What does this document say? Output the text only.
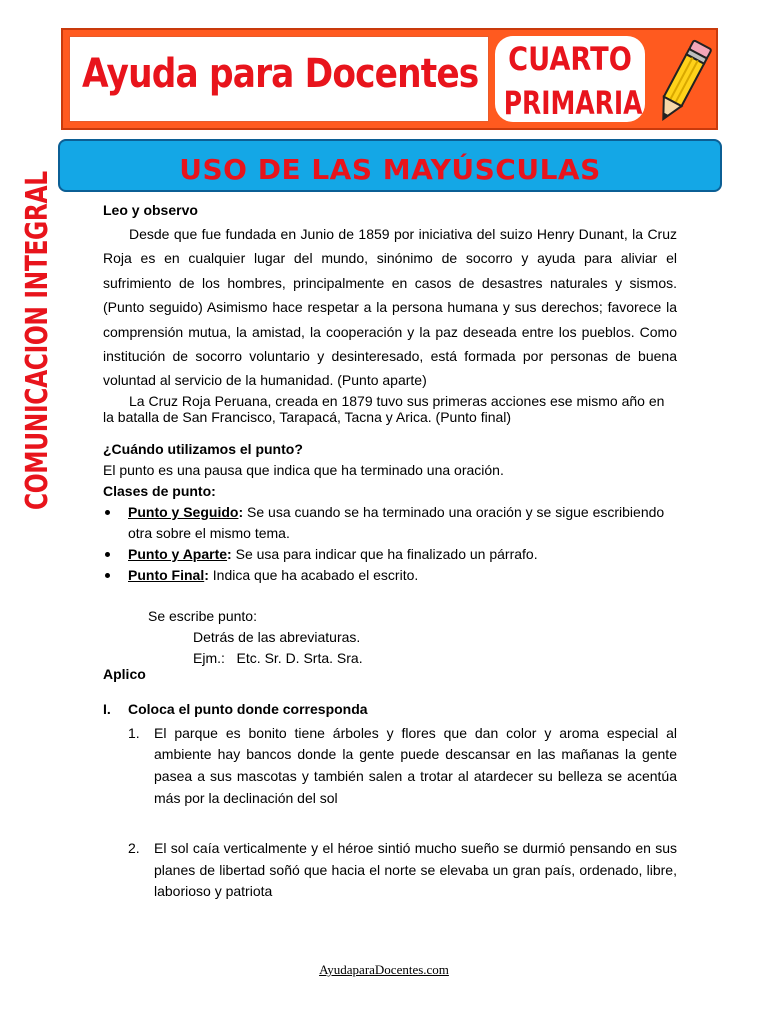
Ayuda para Docentes CUARTO
PRIMARIA
USO DE LAS MAYÚSCULAS
COMUNICACION INTEGRAL	Leo y observo

Desde que fue fundada en Junio de 1859 por iniciativa del suizo Henry Dunant, la Cruz Roja es en cualquier lugar del mundo, sinónimo de socorro y ayuda para aliviar el sufrimiento de los hombres, principalmente en casos de desastres naturales y sismos. (Punto seguido) Asimismo hace respetar a la persona humana y sus derechos; favorece la comprensión mutua, la amistad, la cooperación y la paz deseada entre los pueblos. Como institución de socorro voluntario y desinteresado, está formada por personas de buena voluntad al servicio de la humanidad. (Punto aparte)

La Cruz Roja Peruana, creada en 1879 tuvo sus primeras acciones ese mismo año en la batalla de San Francisco, Tarapacá, Tacna y Arica. (Punto final)

¿Cuándo utilizamos el punto?

El punto es una pausa que indica que ha terminado una oración.

Clases de punto:

Punto y Seguido: Se usa cuando se ha terminado una oración y se sigue escribiendo otra sobre el mismo tema.
Punto y Aparte: Se usa para indicar que ha finalizado un párrafo.
Punto Final: Indica que ha acabado el escrito.

Se escribe punto:

Detrás de las abreviaturas.

Ejm.:   Etc. Sr. D. Srta. Sra.

Aplico

I. Coloca el punto donde corresponda

1. El parque es bonito tiene árboles y flores que dan color y aroma especial al ambiente hay bancos donde la gente puede descansar en las mañanas la gente pasea a sus mascotas y también salen a trotar al atardecer su belleza se acentúa más por la declinación del sol
2. El sol caía verticalmente y el héroe sintió mucho sueño se durmió pensando en sus planes de libertad soñó que hacia el norte se elevaba un gran país, ordenado, libre, laborioso y patriota
AyudaparaDocentes.com
